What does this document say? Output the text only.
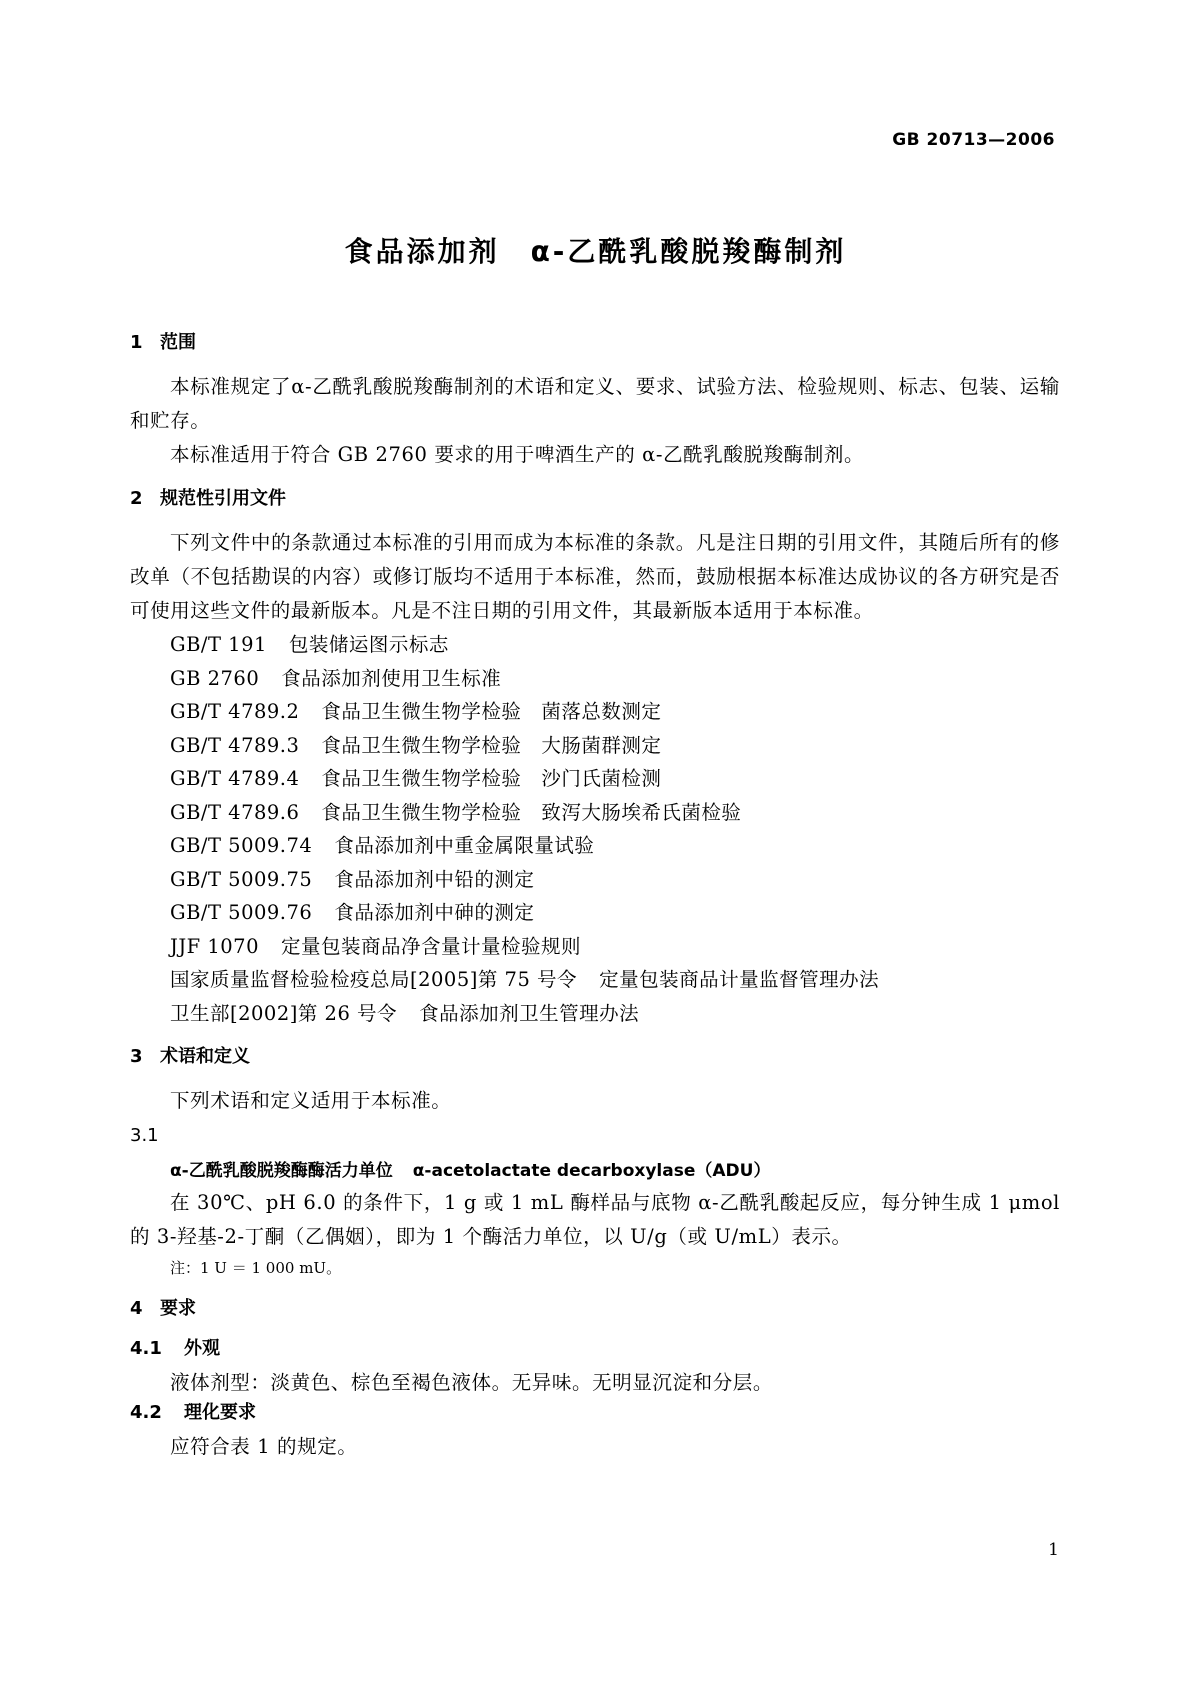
GB 20713—2006
食品添加剂　α-乙酰乳酸脱羧酶制剂
1 范围

本标准规定了α-乙酰乳酸脱羧酶制剂的术语和定义、要求、试验方法、检验规则、标志、包装、运输和贮存。

本标准适用于符合 GB 2760 要求的用于啤酒生产的 α-乙酰乳酸脱羧酶制剂。

2 规范性引用文件

下列文件中的条款通过本标准的引用而成为本标准的条款。凡是注日期的引用文件，其随后所有的修改单（不包括勘误的内容）或修订版均不适用于本标准，然而，鼓励根据本标准达成协议的各方研究是否可使用这些文件的最新版本。凡是不注日期的引用文件，其最新版本适用于本标准。

GB/T 191 包装储运图示标志
GB 2760 食品添加剂使用卫生标准
GB/T 4789.2 食品卫生微生物学检验　菌落总数测定
GB/T 4789.3 食品卫生微生物学检验　大肠菌群测定
GB/T 4789.4 食品卫生微生物学检验　沙门氏菌检测
GB/T 4789.6 食品卫生微生物学检验　致泻大肠埃希氏菌检验
GB/T 5009.74 食品添加剂中重金属限量试验
GB/T 5009.75 食品添加剂中铅的测定
GB/T 5009.76 食品添加剂中砷的测定
JJF 1070 定量包装商品净含量计量检验规则
国家质量监督检验检疫总局[2005]第 75 号令 定量包装商品计量监督管理办法
卫生部[2002]第 26 号令 食品添加剂卫生管理办法
3 术语和定义
下列术语和定义适用于本标准。
3.1
α-乙酰乳酸脱羧酶酶活力单位 α-acetolactate decarboxylase（ADU）

在 30℃、pH 6.0 的条件下，1 g 或 1 mL 酶样品与底物 α-乙酰乳酸起反应，每分钟生成 1 μmol 的 3-羟基-2-丁酮（乙偶姻），即为 1 个酶活力单位，以 U/g（或 U/mL）表示。

注：1 U ＝ 1 000 mU。
4 要求
4.1 外观
液体剂型：淡黄色、棕色至褐色液体。无异味。无明显沉淀和分层。
4.2 理化要求
应符合表 1 的规定。
1
